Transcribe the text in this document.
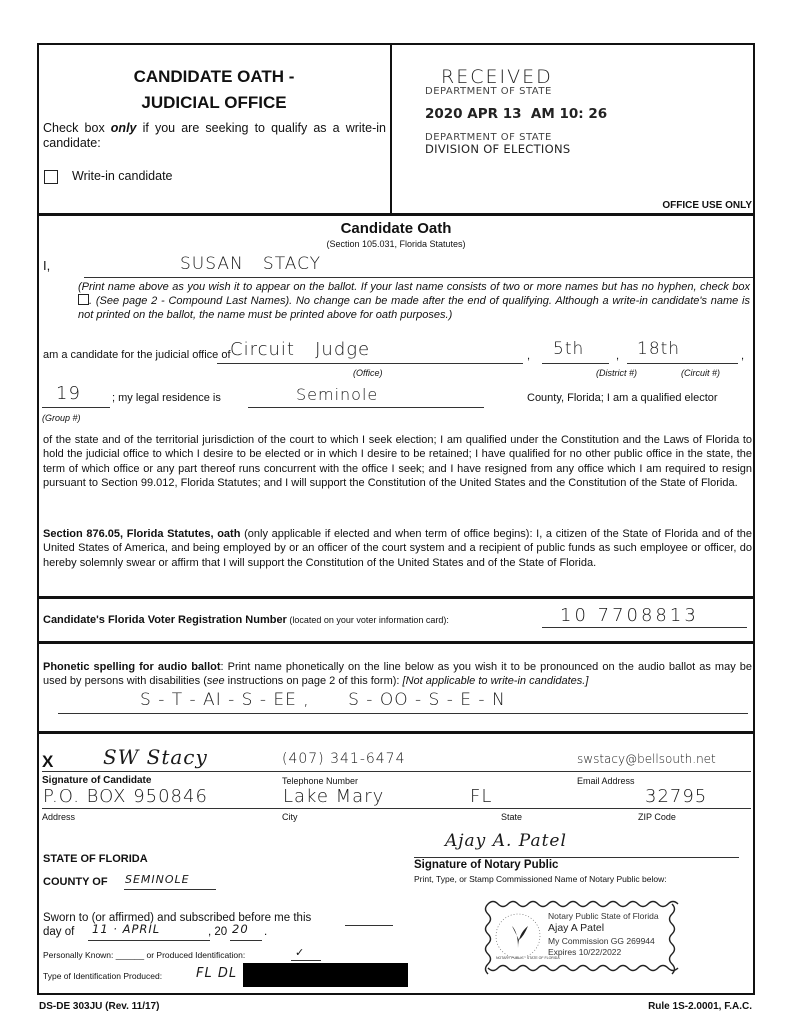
CANDIDATE OATH -
JUDICIAL OFFICE
Check box only if you are seeking to qualify as a write-in candidate:
Write-in candidate
RECEIVED
DEPARTMENT OF STATE
2020 APR 13  AM 10: 26
DEPARTMENT OF STATE
DIVISION OF ELECTIONS
OFFICE USE ONLY
Candidate Oath
(Section 105.031, Florida Statutes)
I,	SUSAN   STACY
(Print name above as you wish it to appear on the ballot. If your last name consists of two or more names but has no hyphen, check box . (See page 2 - Compound Last Names). No change can be made after the end of qualifying. Although a write-in candidate's name is not printed on the ballot, the name must be printed above for oath purposes.)
am a candidate for the judicial office of Circuit   Judge	, 5th	, 18th	,
(Office)	(District #)	(Circuit #)
19	; my legal residence is	Seminole	County, Florida; I am a qualified elector
(Group #)
of the state and of the territorial jurisdiction of the court to which I seek election; I am qualified under the Constitution and the Laws of Florida to hold the judicial office to which I desire to be elected or in which I desire to be retained; I have qualified for no other public office in the state, the term of which office or any part thereof runs concurrent with the office I seek; and I have resigned from any office which I am required to resign pursuant to Section 99.012, Florida Statutes; and I will support the Constitution of the United States and the Constitution of the State of Florida.
Section 876.05, Florida Statutes, oath (only applicable if elected and when term of office begins): I, a citizen of the State of Florida and of the United States of America, and being employed by or an officer of the court system and a recipient of public funds as such employee or officer, do hereby solemnly swear or affirm that I will support the Constitution of the United States and of the State of Florida.
Candidate's Florida Voter Registration Number (located on your voter information card):	10 7708813
Phonetic spelling for audio ballot: Print name phonetically on the line below as you wish it to be pronounced on the audio ballot as may be used by persons with disabilities (see instructions on page 2 of this form): [Not applicable to write-in candidates.]
S - T - AI - S - EE ,      S - OO - S - E - N
X SW Stacy	(407) 341-6474	swstacy@bellsouth.net
Signature of Candidate	Telephone Number	Email Address
P.O. BOX 950846	Lake Mary	FL	32795
Address	City	State	ZIP Code
STATE OF FLORIDA
COUNTY OF SEMINOLE
Sworn to (or affirmed) and subscribed before me this
day of 11 · APRIL	, 20 20 .
Personally Known: ______ or Produced Identification:	✓
Type of Identification Produced:	FL DL
Ajay A. Patel
Signature of Notary Public
Print, Type, or Stamp Commissioned Name of Notary Public below:
NOTARY PUBLIC · STATE OF FLORIDA
Notary Public State of Florida
Ajay A Patel
My Commission GG 269944
Expires 10/22/2022
DS-DE 303JU (Rev. 11/17)	Rule 1S-2.0001, F.A.C.
